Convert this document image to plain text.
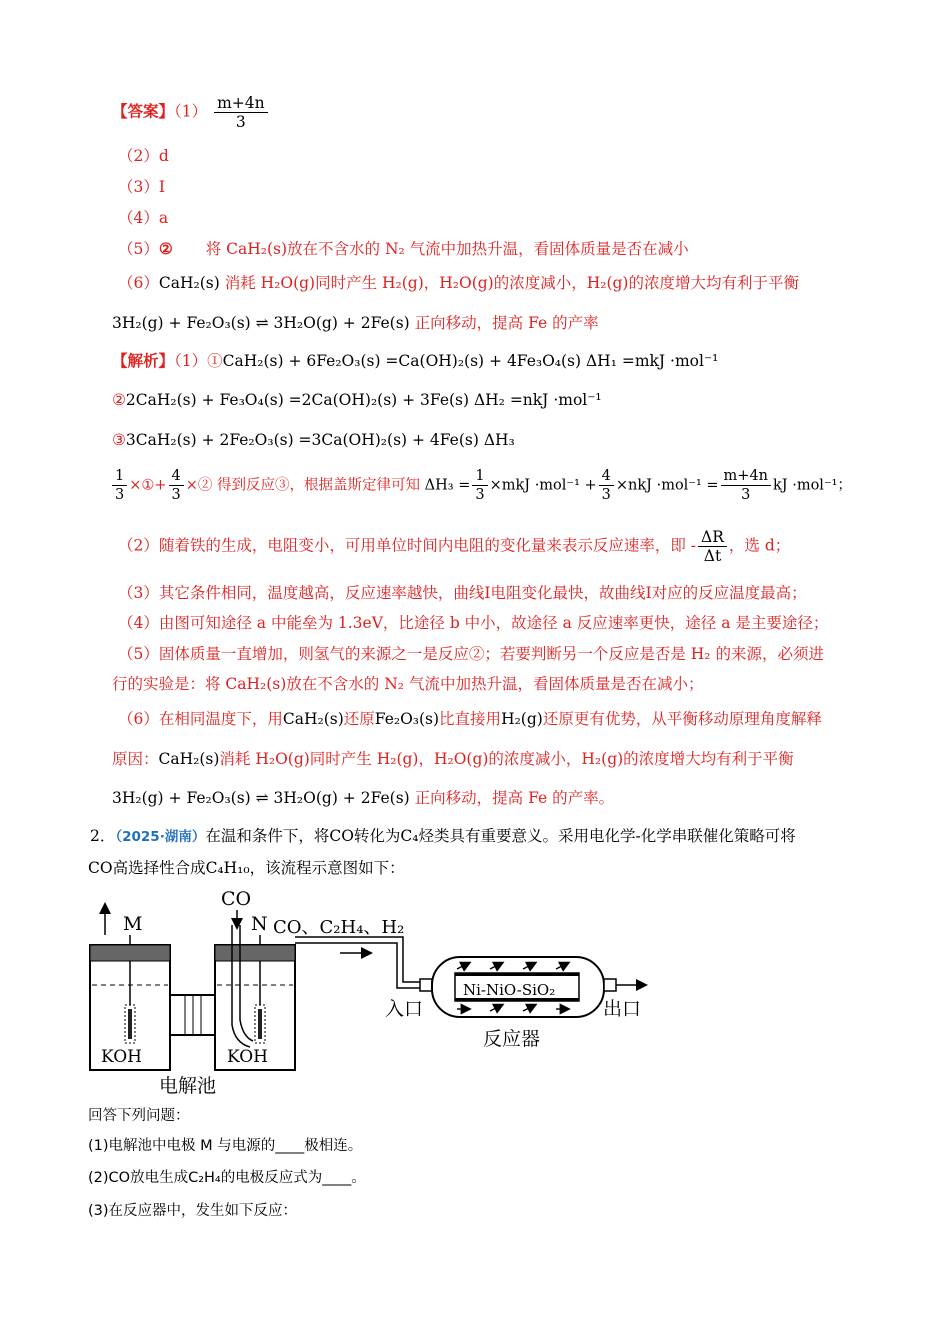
【答案】$(1) \frac{m+4n}{3}$
（2）d
（3）Ⅰ
（4）a
（5）② 将 CaH₂(s)放在不含水的 N₂ 气流中加热升温，看固体质量是否在减小
（6）CaH₂(s) 消耗 H₂O(g)同时产生 H₂(g)，H₂O(g)的浓度减小，H₂(g)的浓度增大均有利于平衡
3H₂(g) + Fe₂O₃(s) ⇌ 3H₂O(g) + 2Fe(s) 正向移动，提高 Fe 的产率
【解析】（1）①CaH₂(s) + 6Fe₂O₃(s) =Ca(OH)₂(s) + 4Fe₃O₄(s) ΔH₁ =mkJ ·mol⁻¹
②2CaH₂(s) + Fe₃O₄(s) =2Ca(OH)₂(s) + 3Fe(s) ΔH₂ =nkJ ·mol⁻¹
③3CaH₂(s) + 2Fe₂O₃(s) =3Ca(OH)₂(s) + 4Fe(s) ΔH₃
$\frac{1}{3}$ ×①+ $\frac{4}{3}$ ×② 得到反应③，根据盖斯定律可知 $\Delta H_3 = \frac{1}{3} \times mkJ \cdot mol^{-1} + \frac{4}{3} \times nkJ \cdot mol^{-1} = \frac{m+4n}{3}$ kJ ·mol⁻¹；
（2）随着铁的生成，电阻变小，可用单位时间内电阻的变化量来表示反应速率，即 - $\frac{\Delta R}{\Delta t}$ ，选 d；
（3）其它条件相同，温度越高，反应速率越快，曲线Ⅰ电阻变化最快，故曲线Ⅰ对应的反应温度最高；
（4）由图可知途径 a 中能垒为 1.3eV，比途径 b 中小，故途径 a 反应速率更快，途径 a 是主要途径；
（5）固体质量一直增加，则氢气的来源之一是反应②；若要判断另一个反应是否是 H₂ 的来源，必须进
行的实验是：将 CaH₂(s)放在不含水的 N₂ 气流中加热升温，看固体质量是否在减小；
（6）在相同温度下，用CaH₂(s)还原Fe₂O₃(s)比直接用H₂(g)还原更有优势，从平衡移动原理角度解释
原因：CaH₂(s)消耗 H₂O(g)同时产生 H₂(g)，H₂O(g)的浓度减小，H₂(g)的浓度增大均有利于平衡
3H₂(g) + Fe₂O₃(s) ⇌ 3H₂O(g) + 2Fe(s) 正向移动，提高 Fe 的产率。
2．（2025·湖南）在温和条件下，将CO转化为C₄烃类具有重要意义。采用电化学-化学串联催化策略可将
CO高选择性合成C₄H₁₀，该流程示意图如下：
M
KOH
CO
N
KOH
电解池
CO、C₂H₄、H₂
Ni-NiO-SiO₂
入口	出口
反应器
回答下列问题：
(1)电解池中电极 M 与电源的____极相连。
(2)CO放电生成C₂H₄的电极反应式为____。
(3)在反应器中，发生如下反应：
